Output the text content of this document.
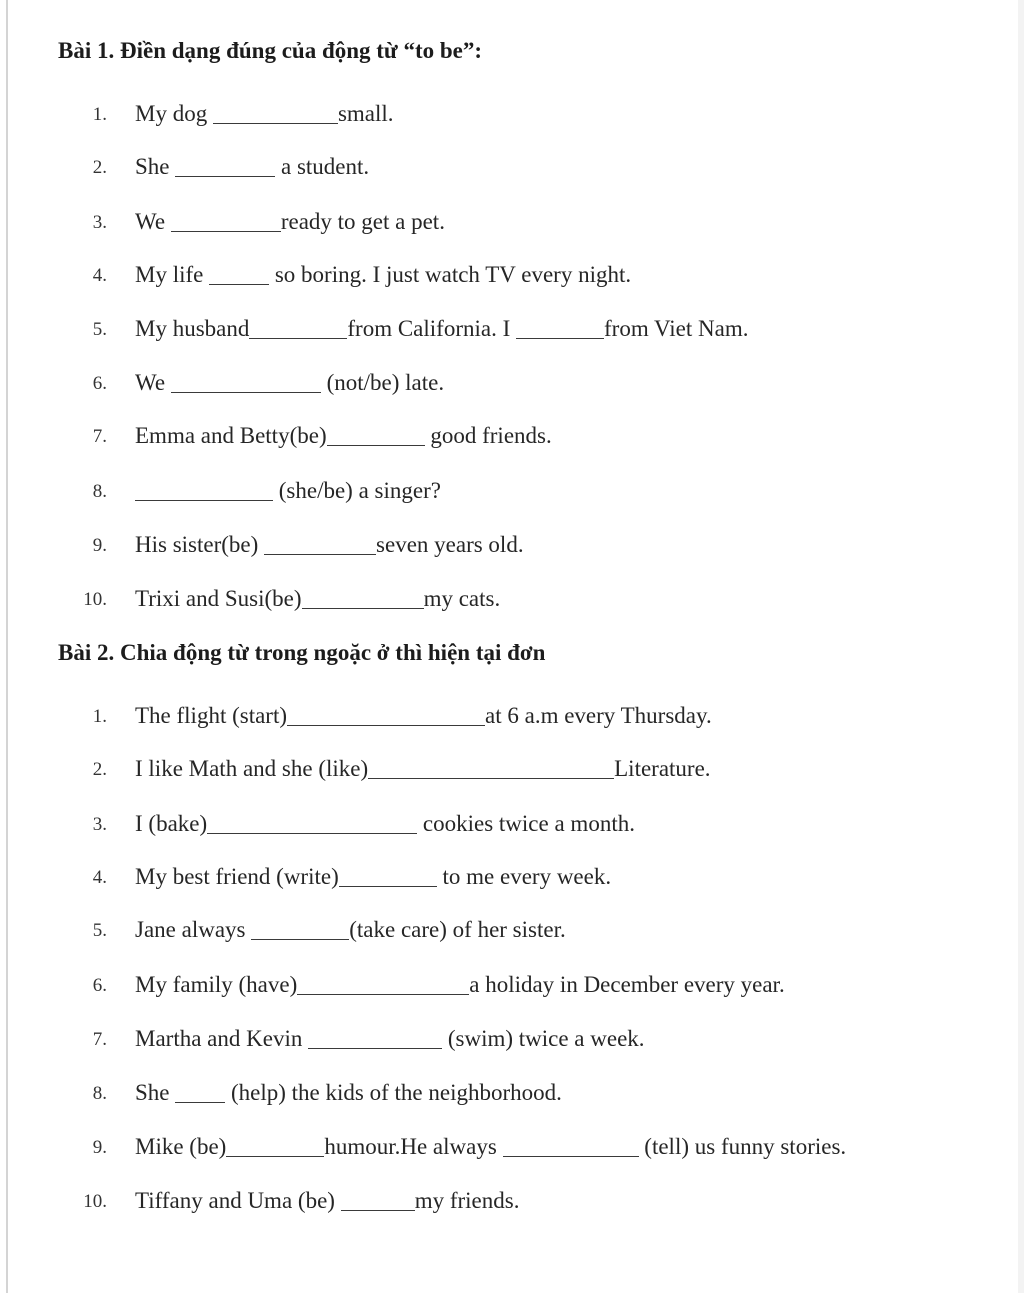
Bài 1. Điền dạng đúng của động từ “to be”:
1. My dog	small.
2. She	a student.
3. We	ready to get a pet.
4. My life	so boring. I just watch TV every night.
5. My husband	from California. I	from Viet Nam.
6. We	(not/be) late.
7. Emma and Betty(be)	good friends.
8.	(she/be) a singer?
9. His sister(be)	seven years old.
10. Trixi and Susi(be)	my cats.
Bài 2. Chia động từ trong ngoặc ở thì hiện tại đơn
1. The flight (start)	at 6 a.m every Thursday.
2. I like Math and she (like)	Literature.
3. I (bake)	cookies twice a month.
4. My best friend (write)	to me every week.
5. Jane always	(take care) of her sister.
6. My family (have)	a holiday in December every year.
7. Martha and Kevin	(swim) twice a week.
8. She  (help) the kids of the neighborhood.
9. Mike (be)	humour.He always	(tell) us funny stories.
10. Tiffany and Uma (be)	my friends.
